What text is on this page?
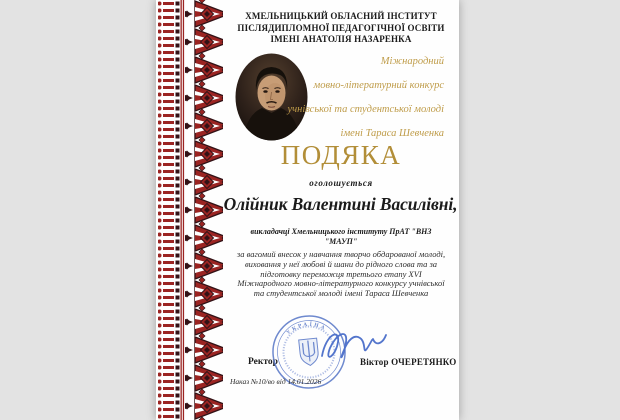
ХМЕЛЬНИЦЬКИЙ ОБЛАСНИЙ ІНСТИТУТ
ПІСЛЯДИПЛОМНОЇ ПЕДАГОГІЧНОЇ ОСВІТИ
ІМЕНІ АНАТОЛІЯ НАЗАРЕНКА
Міжнародний
мовно-літературний конкурс
учнівської та студентської молоді
імені Тараса Шевченка
ПОДЯКА
оголошується
Олійник Валентині Василівні,
викладачці Хмельницького інституту ПрАТ "ВНЗ
"МАУП"
за вагомий внесок у навчання творчо обдарованої молоді,
виховання у неї любові й шани до рідного слова та за
підготовку переможця третього етапу XVI
Міжнародного мовно-літературного конкурсу учнівської
та студентської молоді імені Тараса Шевченка
Ректор	Віктор ОЧЕРЕТЯНКО
УКРАЇНА
Наказ №10/во від 14.01.2026
